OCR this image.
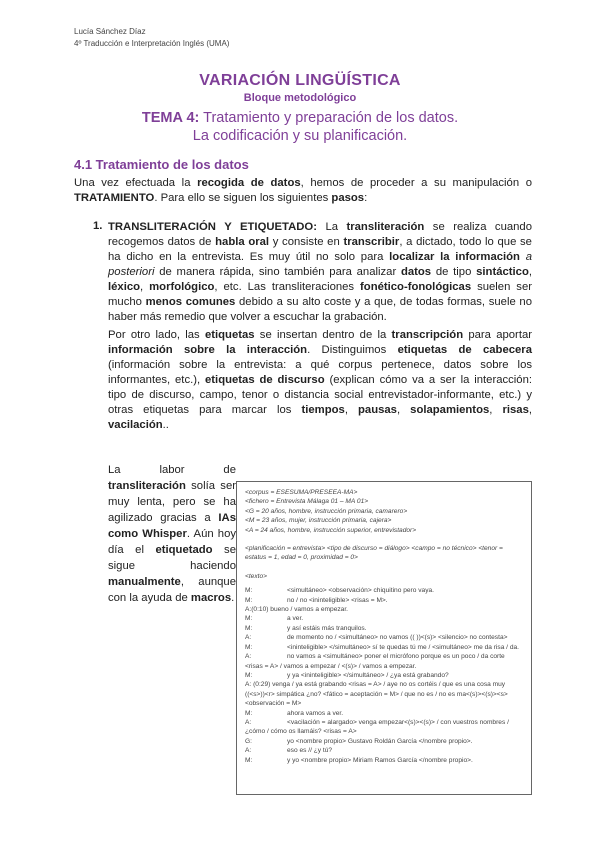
Lucía Sánchez Díaz
4º Traducción e Interpretación Inglés (UMA)
VARIACIÓN LINGÜÍSTICA
Bloque metodológico
TEMA 4: Tratamiento y preparación de los datos.
La codificación y su planificación.
4.1 Tratamiento de los datos

Una vez efectuada la recogida de datos, hemos de proceder a su manipulación o TRATAMIENTO. Para ello se siguen los siguientes pasos:

1. TRANSLITERACIÓN Y ETIQUETADO: La transliteración se realiza cuando recogemos datos de habla oral y consiste en transcribir, a dictado, todo lo que se ha dicho en la entrevista. Es muy útil no solo para localizar la información a posteriori de manera rápida, sino también para analizar datos de tipo sintáctico, léxico, morfológico, etc. Las transliteraciones fonético-fonológicas suelen ser mucho menos comunes debido a su alto coste y a que, de todas formas, suele no haber más remedio que volver a escuchar la grabación.

Por otro lado, las etiquetas se insertan dentro de la transcripción para aportar información sobre la interacción. Distinguimos etiquetas de cabecera (información sobre la entrevista: a qué corpus pertenece, datos sobre los informantes, etc.), etiquetas de discurso (explican cómo va a ser la interacción: tipo de discurso, campo, tenor o distancia social entrevistador-informante, etc.) y otras etiquetas para marcar los tiempos, pausas, solapamientos, risas, vacilación..

La labor de transliteración solía ser muy lenta, pero se ha agilizado gracias a IAs como Whisper. Aún hoy día el etiquetado se sigue haciendo manualmente, aunque con la ayuda de macros.

<corpus = ESESUMA/PRESEEA-MA>
<fichero = Entrevista Málaga 01 – MA 01>
<G = 20 años, hombre, instrucción primaria, camarero>
<M = 23 años, mujer, instrucción primaria, cajera>
<A = 24 años, hombre, instrucción superior, entrevistador>
<planificación = entrevista> <tipo de discurso = diálogo> <campo = no técnico> <tenor = estatus = 1, edad = 0, proximidad = 0>
<texto>
M:	<simultáneo> <observación> chiquitino pero vaya.
M:	no / no <ininteligible> <risas = M>.
A:(0:10) bueno / vamos a empezar.
M:	a ver.
M:	y así estáis más tranquilos.
A:	de momento no / <simultáneo> no vamos (( ))<(s)> <silencio> no contesta>
M:	<ininteligible> </simultáneo> sí te quedas tú me / <simultáneo> me da risa / da.
A:	no vamos a <simultáneo> poner el micrófono porque es un poco / da corte <risas = A> / vamos a empezar / <(s)> / vamos a empezar.
M:	y ya <ininteligible> </simultáneo> / ¿ya está grabando?
A: (0:29) venga / ya está grabando <risas = A> / aye no os cortéis / que es una cosa muy ((<s>))<r> simpática ¿no? <fático = aceptación = M> / que no es / no es ma<(s)><(s)><s> <observación = M>
M:	ahora vamos a ver.
A:	<vacilación = alargado> venga empezar<(s)><(s)> / con vuestros nombres / ¿cómo / cómo os llamáis? <risas = A>
G:	yo <nombre propio> Gustavo Roldán García </nombre propio>.
A:	eso es // ¿y tú?
M:	y yo <nombre propio> Miriam Ramos García </nombre propio>.
